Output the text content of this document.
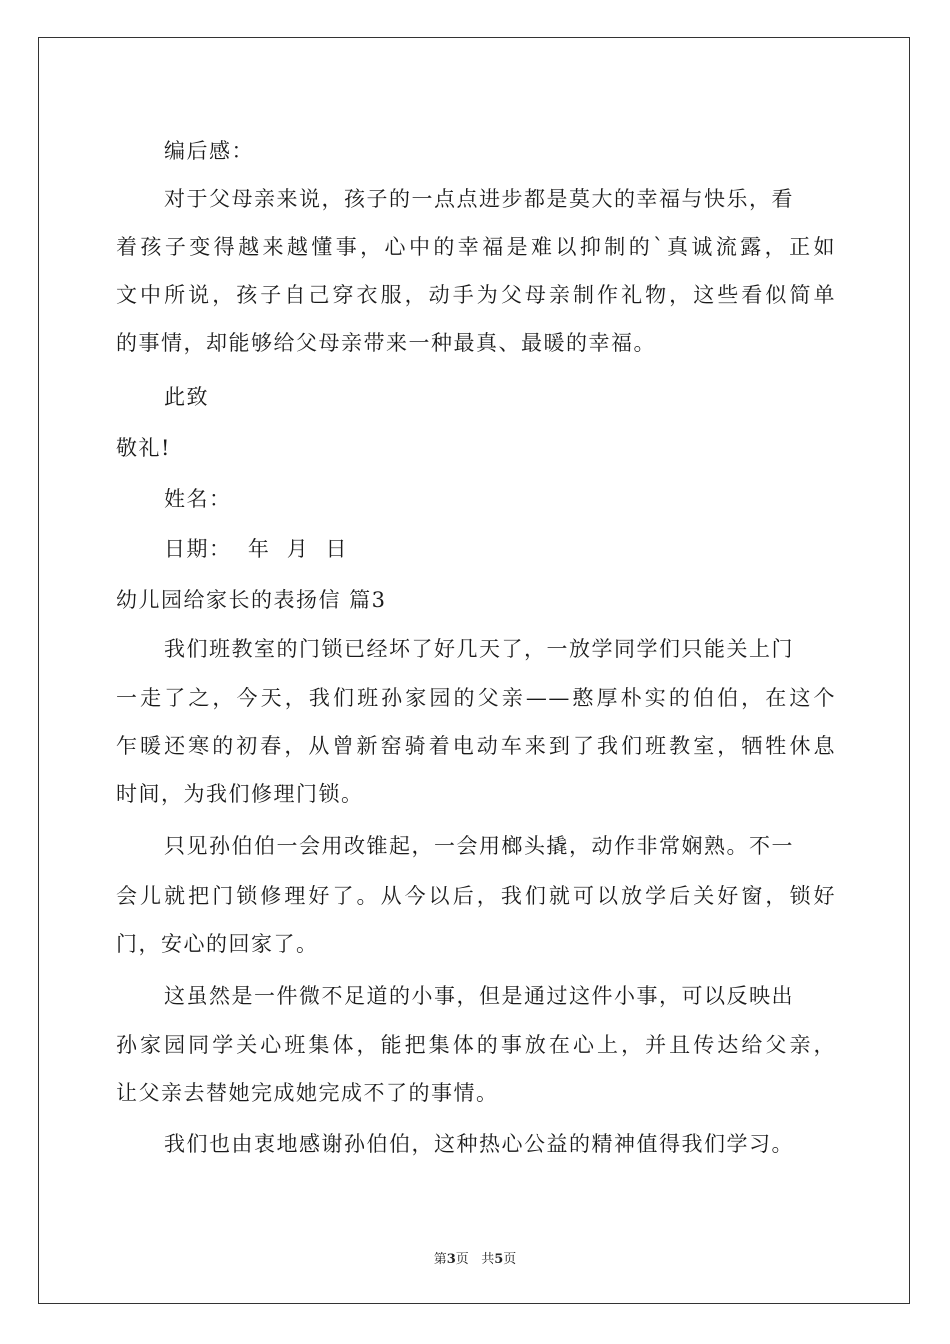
编后感：
对于父母亲来说，孩子的一点点进步都是莫大的幸福与快乐，看
着孩子变得越来越懂事，心中的幸福是难以抑制的`真诚流露，正如
文中所说，孩子自己穿衣服，动手为父母亲制作礼物，这些看似简单
的事情，却能够给父母亲带来一种最真、最暖的幸福。
此致
敬礼!
姓名：
日期：  年  月  日
幼儿园给家长的表扬信 篇3
我们班教室的门锁已经坏了好几天了，一放学同学们只能关上门
一走了之，今天，我们班孙家园的父亲——憨厚朴实的伯伯，在这个
乍暖还寒的初春，从曾新窑骑着电动车来到了我们班教室，牺牲休息
时间，为我们修理门锁。
只见孙伯伯一会用改锥起，一会用榔头撬，动作非常娴熟。不一
会儿就把门锁修理好了。从今以后，我们就可以放学后关好窗，锁好
门，安心的回家了。
这虽然是一件微不足道的小事，但是通过这件小事，可以反映出
孙家园同学关心班集体，能把集体的事放在心上，并且传达给父亲，
让父亲去替她完成她完成不了的事情。
我们也由衷地感谢孙伯伯，这种热心公益的精神值得我们学习。
第3页   共5页
